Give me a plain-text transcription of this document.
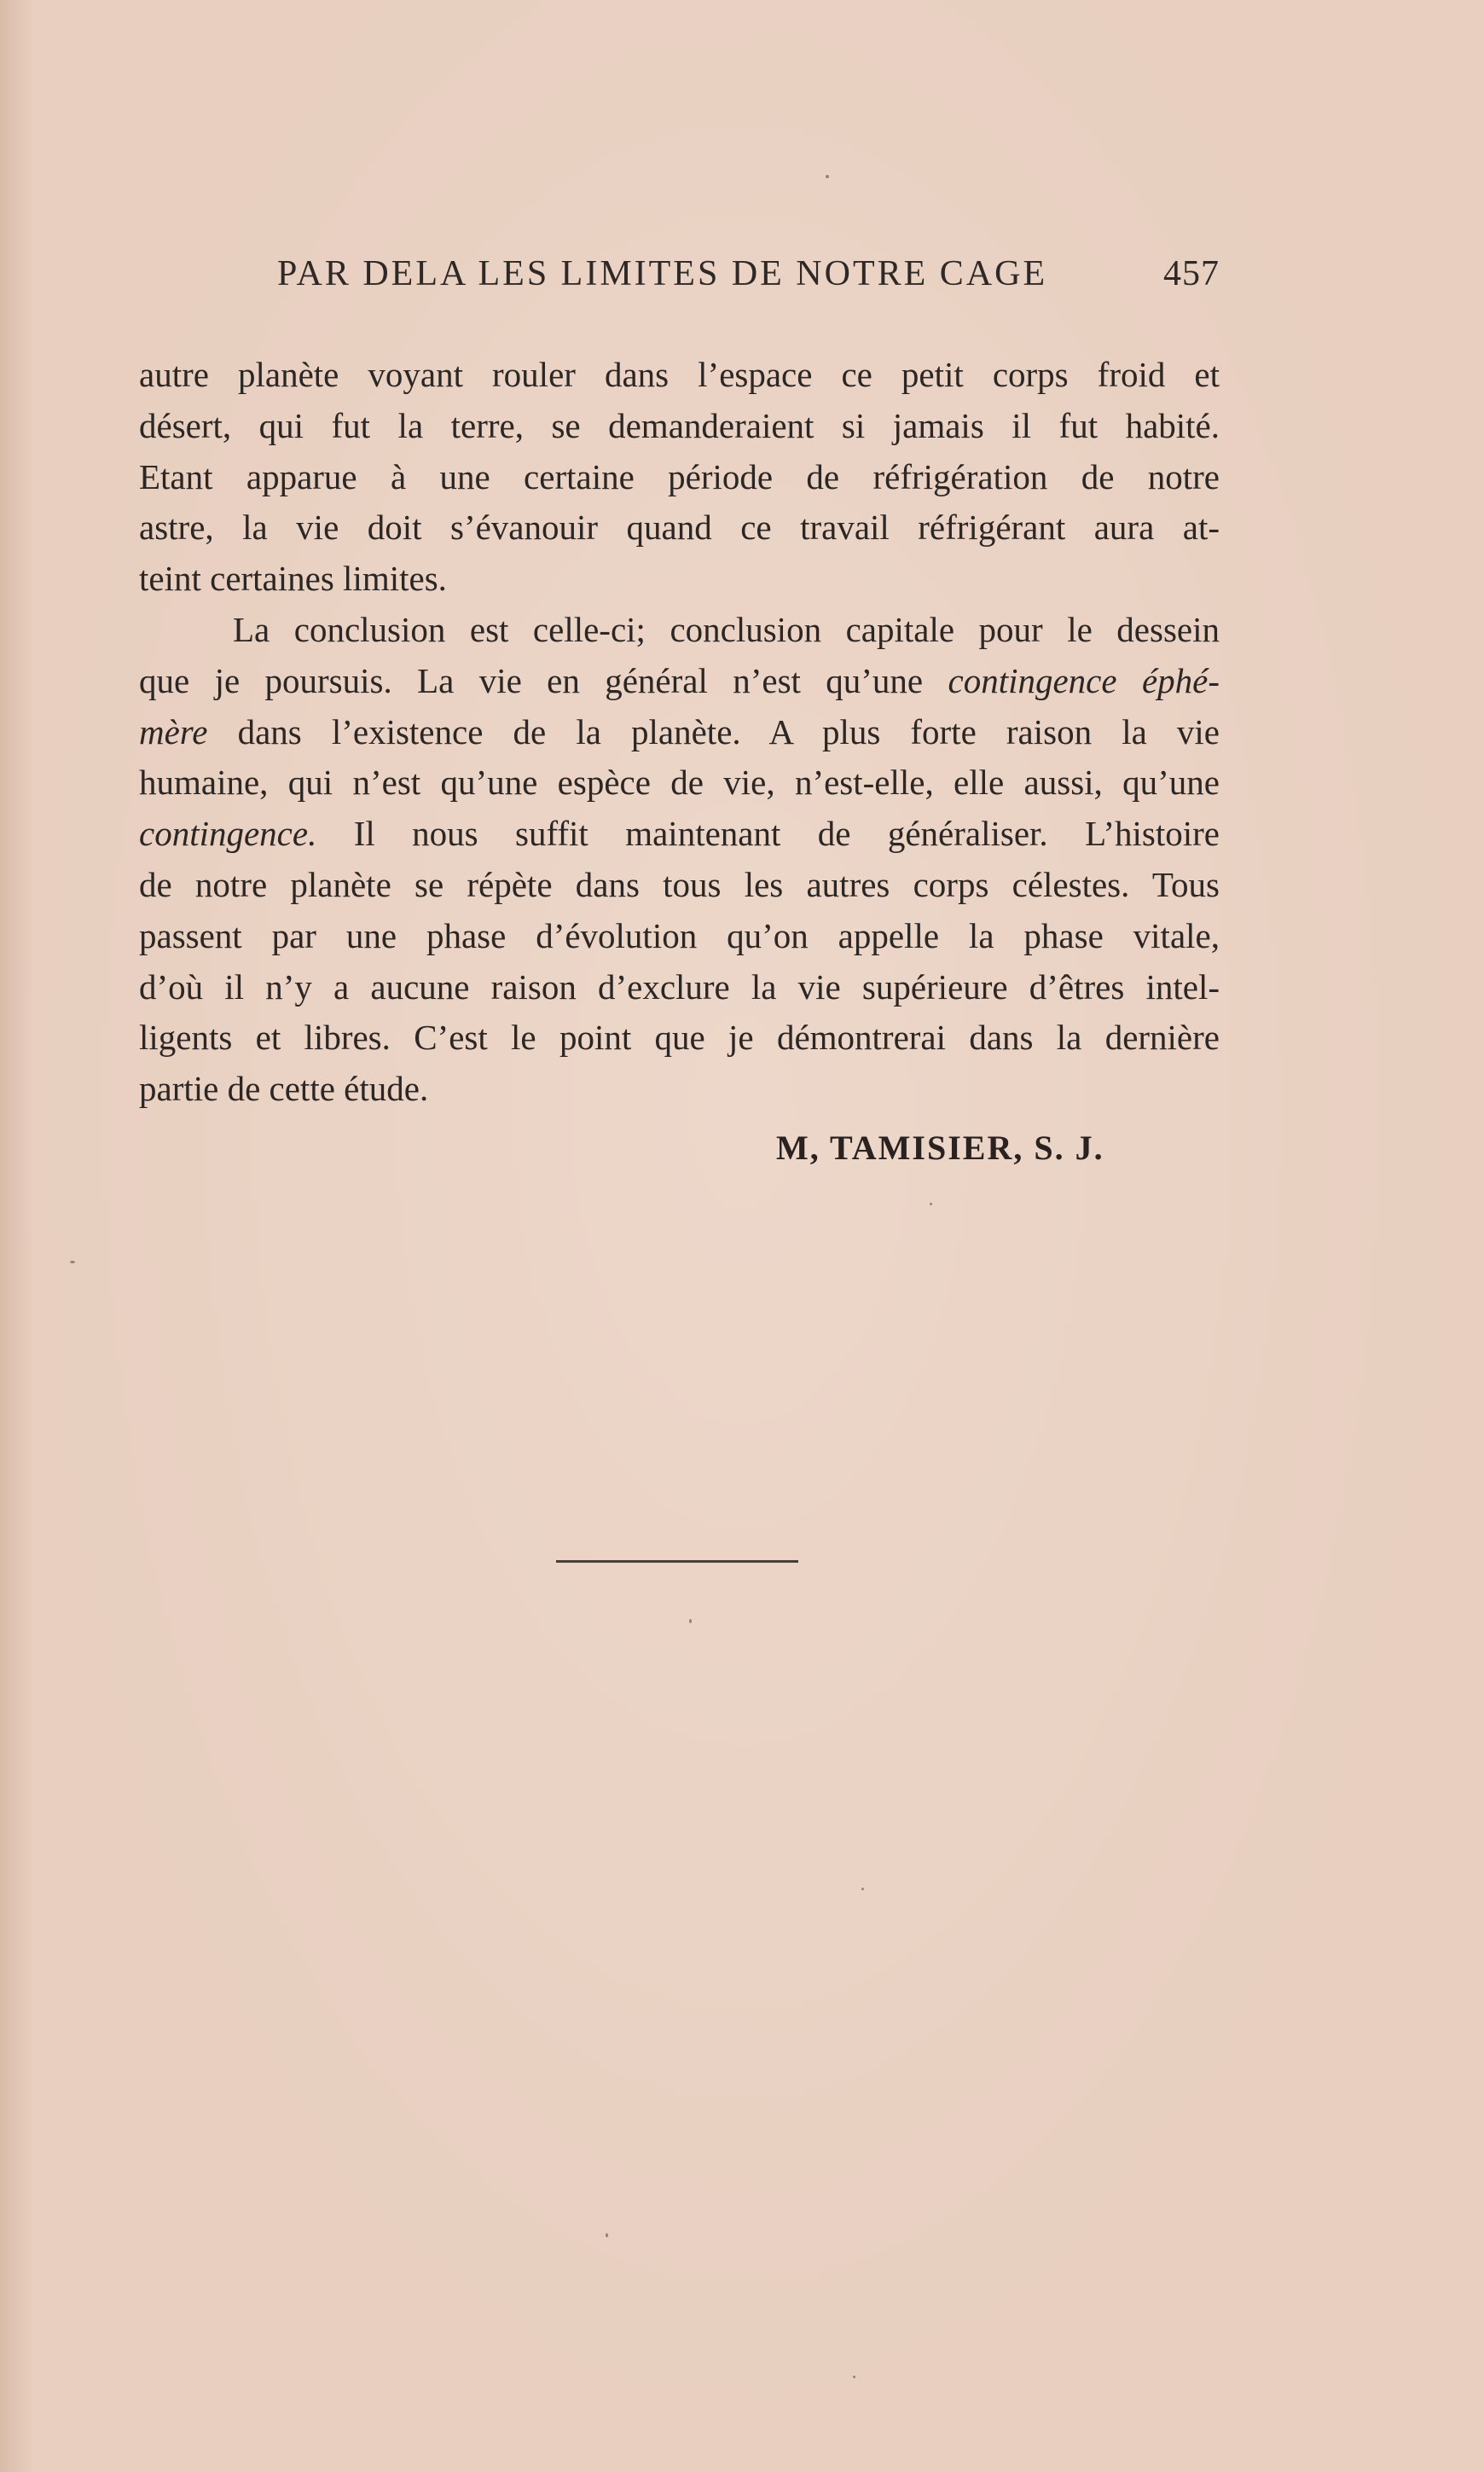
PAR DELA LES LIMITES DE NOTRE CAGE	457
autre planète voyant rouler dans l’espace ce petit corps froid et
désert, qui fut la terre, se demanderaient si jamais il fut habité.
Etant apparue à une certaine période de réfrigération de notre
astre, la vie doit s’évanouir quand ce travail réfrigérant aura at-
teint certaines limites.
La conclusion est celle-ci; conclusion capitale pour le dessein
que je poursuis. La vie en général n’est qu’une contingence éphé-
mère dans l’existence de la planète. A plus forte raison la vie
humaine, qui n’est qu’une espèce de vie, n’est-elle, elle aussi, qu’une
contingence. Il nous suffit maintenant de généraliser. L’histoire
de notre planète se répète dans tous les autres corps célestes. Tous
passent par une phase d’évolution qu’on appelle la phase vitale,
d’où il n’y a aucune raison d’exclure la vie supérieure d’êtres intel-
ligents et libres. C’est le point que je démontrerai dans la dernière
partie de cette étude.
M, TAMISIER, S. J.
